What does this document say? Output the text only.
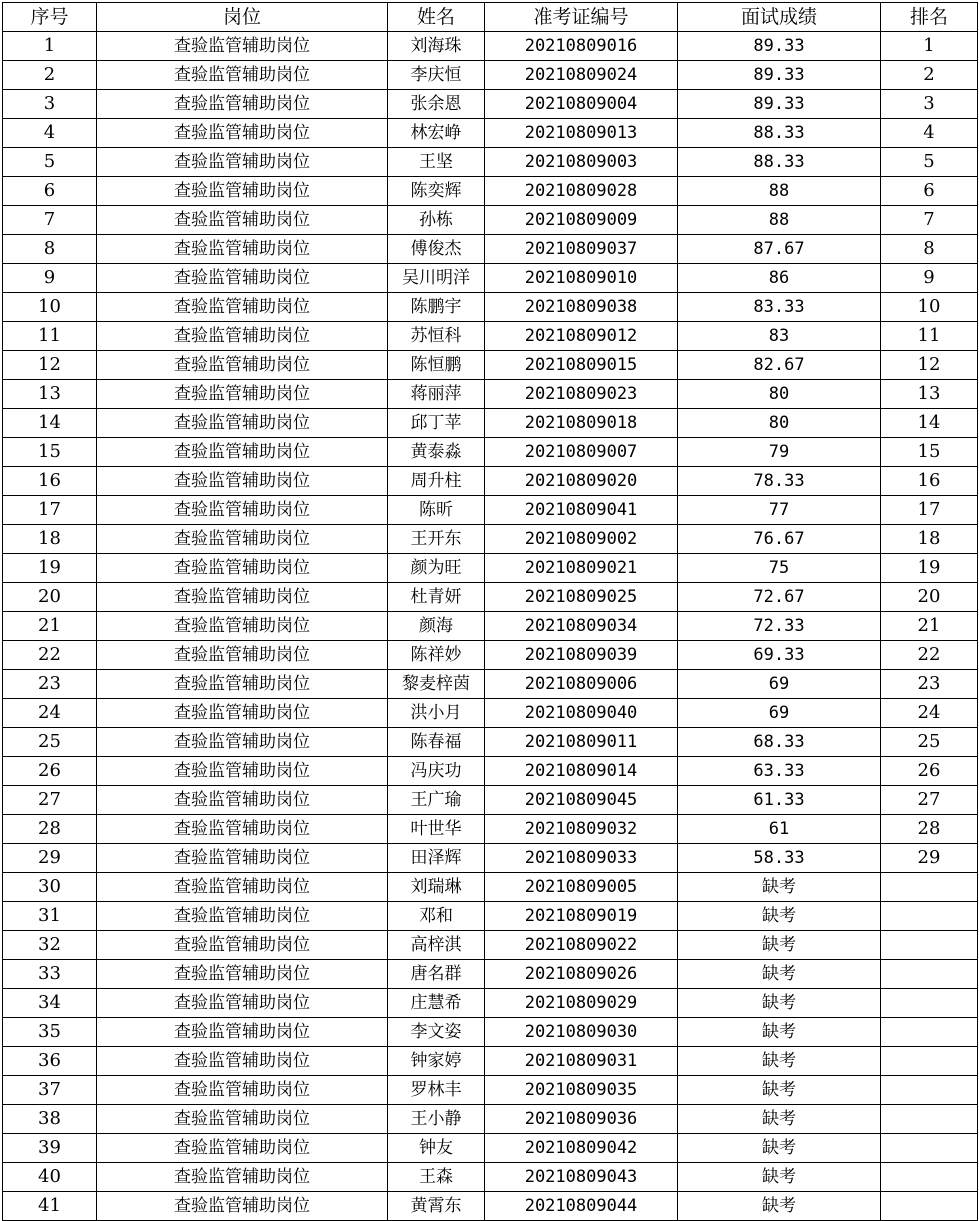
序号	岗位	姓名	准考证编号	面试成绩	排名
1	查验监管辅助岗位	刘海珠	20210809016	89.33	1
2	查验监管辅助岗位	李庆恒	20210809024	89.33	2
3	查验监管辅助岗位	张余恩	20210809004	89.33	3
4	查验监管辅助岗位	林宏峥	20210809013	88.33	4
5	查验监管辅助岗位	王坚	20210809003	88.33	5
6	查验监管辅助岗位	陈奕辉	20210809028	88	6
7	查验监管辅助岗位	孙栋	20210809009	88	7
8	查验监管辅助岗位	傅俊杰	20210809037	87.67	8
9	查验监管辅助岗位	吴川明洋	20210809010	86	9
10	查验监管辅助岗位	陈鹏宇	20210809038	83.33	10
11	查验监管辅助岗位	苏恒科	20210809012	83	11
12	查验监管辅助岗位	陈恒鹏	20210809015	82.67	12
13	查验监管辅助岗位	蒋丽萍	20210809023	80	13
14	查验监管辅助岗位	邱丁苹	20210809018	80	14
15	查验监管辅助岗位	黄泰淼	20210809007	79	15
16	查验监管辅助岗位	周升柱	20210809020	78.33	16
17	查验监管辅助岗位	陈昕	20210809041	77	17
18	查验监管辅助岗位	王开东	20210809002	76.67	18
19	查验监管辅助岗位	颜为旺	20210809021	75	19
20	查验监管辅助岗位	杜青妍	20210809025	72.67	20
21	查验监管辅助岗位	颜海	20210809034	72.33	21
22	查验监管辅助岗位	陈祥妙	20210809039	69.33	22
23	查验监管辅助岗位	黎麦梓茵	20210809006	69	23
24	查验监管辅助岗位	洪小月	20210809040	69	24
25	查验监管辅助岗位	陈春福	20210809011	68.33	25
26	查验监管辅助岗位	冯庆功	20210809014	63.33	26
27	查验监管辅助岗位	王广瑜	20210809045	61.33	27
28	查验监管辅助岗位	叶世华	20210809032	61	28
29	查验监管辅助岗位	田泽辉	20210809033	58.33	29
30	查验监管辅助岗位	刘瑞琳	20210809005	缺考	
31	查验监管辅助岗位	邓和	20210809019	缺考	
32	查验监管辅助岗位	高梓淇	20210809022	缺考	
33	查验监管辅助岗位	唐名群	20210809026	缺考	
34	查验监管辅助岗位	庄慧希	20210809029	缺考	
35	查验监管辅助岗位	李文姿	20210809030	缺考	
36	查验监管辅助岗位	钟家婷	20210809031	缺考	
37	查验监管辅助岗位	罗林丰	20210809035	缺考	
38	查验监管辅助岗位	王小静	20210809036	缺考	
39	查验监管辅助岗位	钟友	20210809042	缺考	
40	查验监管辅助岗位	王森	20210809043	缺考	
41	查验监管辅助岗位	黄霄东	20210809044	缺考	
